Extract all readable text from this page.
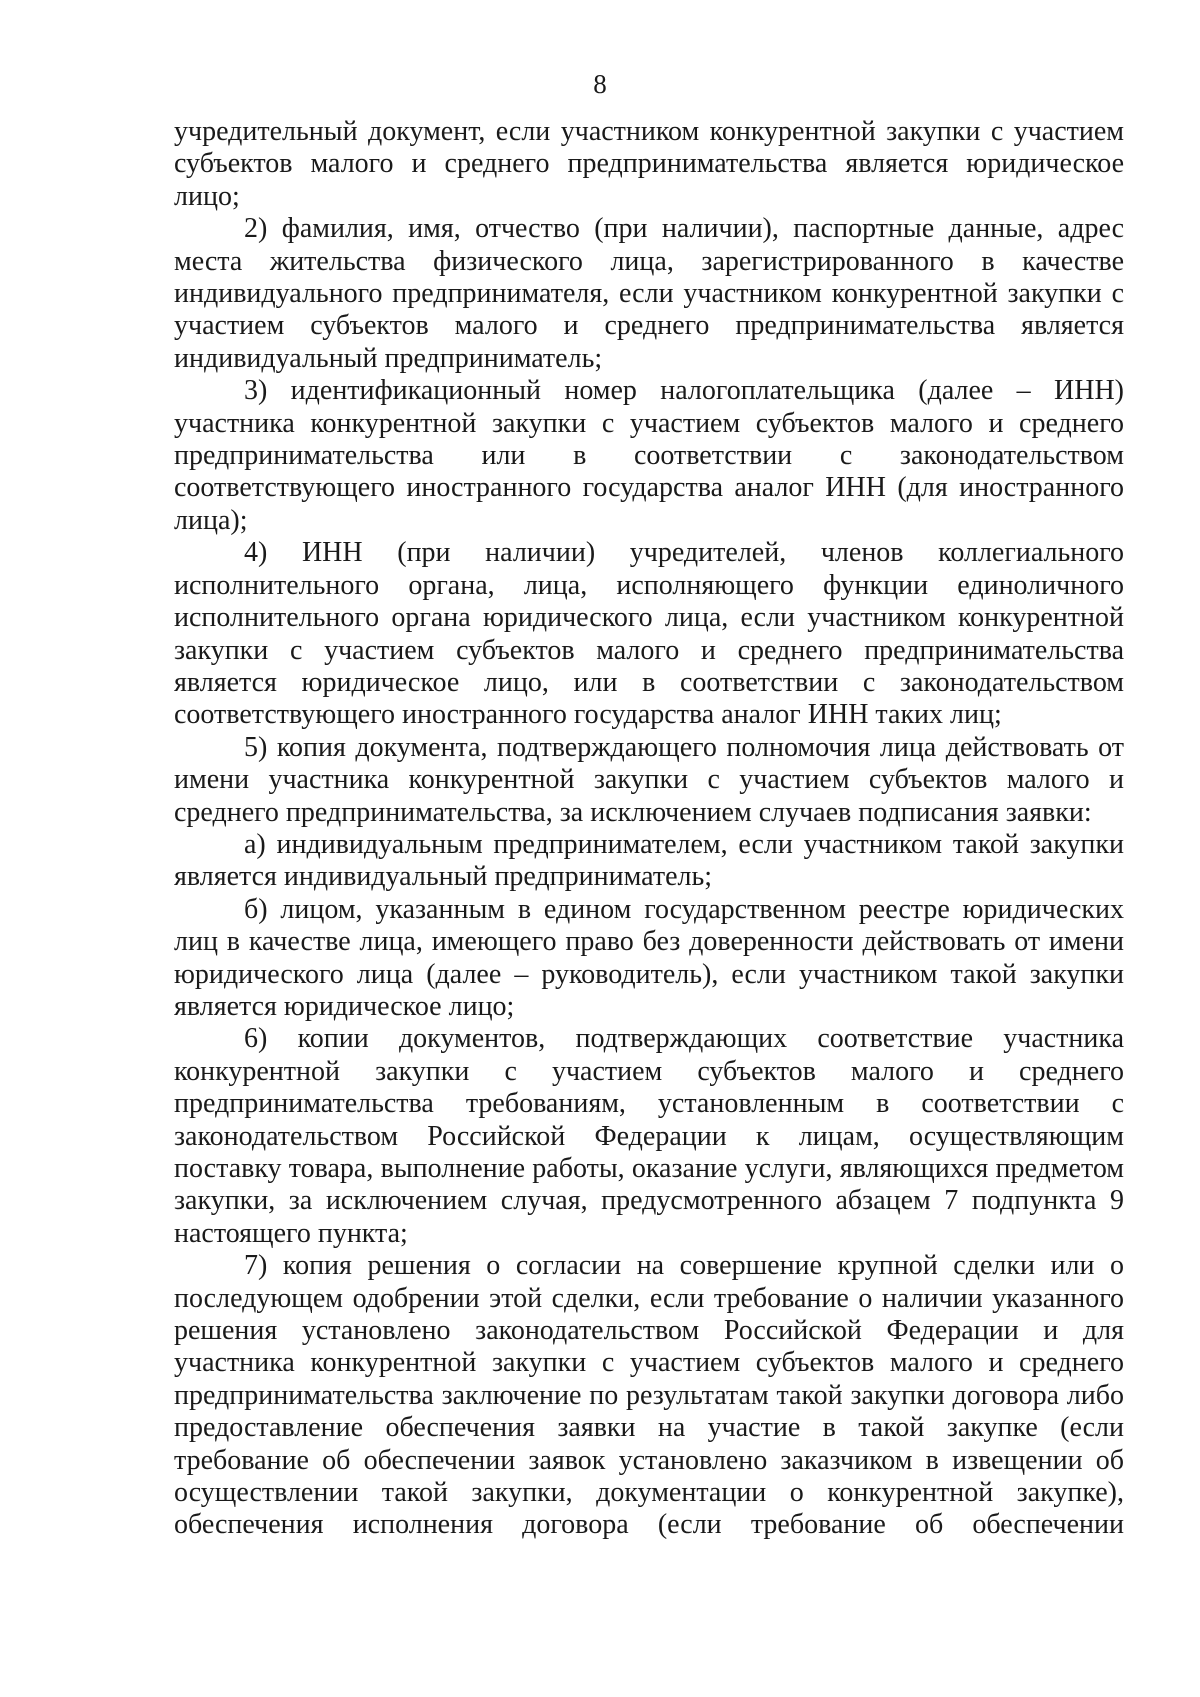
8

учредительный документ, если участником конкурентной закупки с участием субъектов малого и среднего предпринимательства является юридическое лицо;

2) фамилия, имя, отчество (при наличии), паспортные данные, адрес места жительства физического лица, зарегистрированного в качестве индивидуального предпринимателя, если участником конкурентной закупки с участием субъектов малого и среднего предпринимательства является индивидуальный предприниматель;

3) идентификационный номер налогоплательщика (далее – ИНН) участника конкурентной закупки с участием субъектов малого и среднего предпринимательства или в соответствии с законодательством соответствующего иностранного государства аналог ИНН (для иностранного лица);

4) ИНН (при наличии) учредителей, членов коллегиального исполнительного органа, лица, исполняющего функции единоличного исполнительного органа юридического лица, если участником конкурентной закупки с участием субъектов малого и среднего предпринимательства является юридическое лицо, или в соответствии с законодательством соответствующего иностранного государства аналог ИНН таких лиц;

5) копия документа, подтверждающего полномочия лица действовать от имени участника конкурентной закупки с участием субъектов малого и среднего предпринимательства, за исключением случаев подписания заявки:

а) индивидуальным предпринимателем, если участником такой закупки является индивидуальный предприниматель;

б) лицом, указанным в едином государственном реестре юридических лиц в качестве лица, имеющего право без доверенности действовать от имени юридического лица (далее – руководитель), если участником такой закупки является юридическое лицо;

6) копии документов, подтверждающих соответствие участника конкурентной закупки с участием субъектов малого и среднего предпринимательства требованиям, установленным в соответствии с законодательством Российской Федерации к лицам, осуществляющим поставку товара, выполнение работы, оказание услуги, являющихся предметом закупки, за исключением случая, предусмотренного абзацем 7 подпункта 9 настоящего пункта;

7) копия решения о согласии на совершение крупной сделки или о последующем одобрении этой сделки, если требование о наличии указанного решения установлено законодательством Российской Федерации и для участника конкурентной закупки с участием субъектов малого и среднего предпринимательства заключение по результатам такой закупки договора либо предоставление обеспечения заявки на участие в такой закупке (если требование об обеспечении заявок установлено заказчиком в извещении об осуществлении такой закупки, документации о конкурентной закупке), обеспечения исполнения договора (если требование об обеспечении
